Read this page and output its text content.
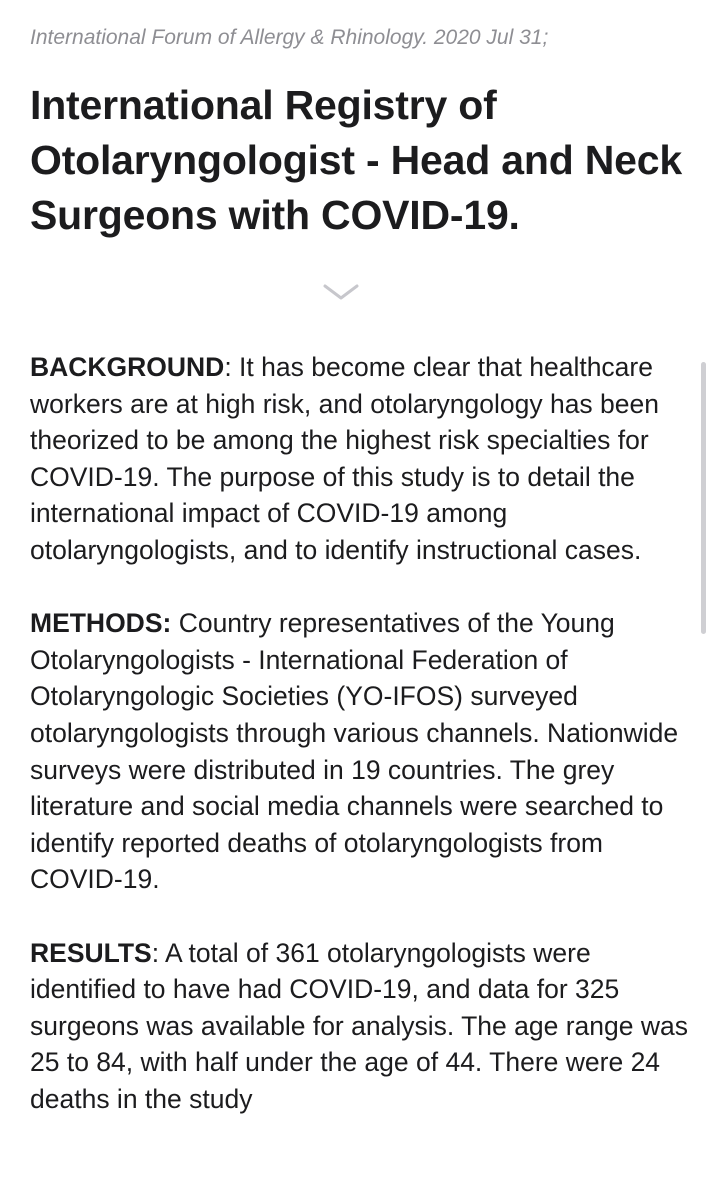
International Forum of Allergy & Rhinology. 2020 Jul 31;
International Registry of Otolaryngologist - Head and Neck Surgeons with COVID-19.

BACKGROUND: It has become clear that healthcare workers are at high risk, and otolaryngology has been theorized to be among the highest risk specialties for COVID-19. The purpose of this study is to detail the international impact of COVID-19 among otolaryngologists, and to identify instructional cases.

METHODS: Country representatives of the Young Otolaryngologists - International Federation of Otolaryngologic Societies (YO-IFOS) surveyed otolaryngologists through various channels. Nationwide surveys were distributed in 19 countries. The grey literature and social media channels were searched to identify reported deaths of otolaryngologists from COVID-19.

RESULTS: A total of 361 otolaryngologists were identified to have had COVID-19, and data for 325 surgeons was available for analysis. The age range was 25 to 84, with half under the age of 44. There were 24 deaths in the study
